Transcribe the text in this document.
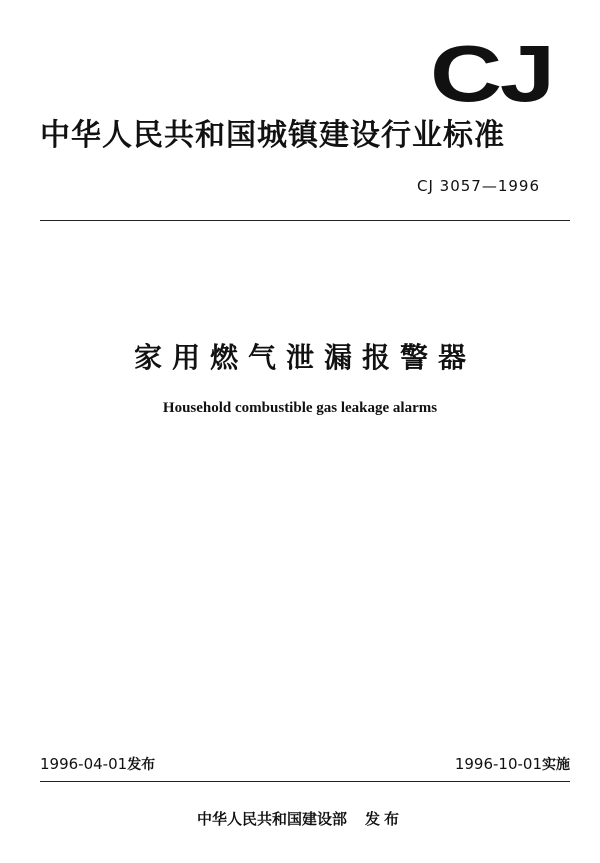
CJ
中华人民共和国城镇建设行业标准
CJ 3057—1996
家用燃气泄漏报警器
Household combustible gas leakage alarms
1996-04-01发布	1996-10-01实施
中华人民共和国建设部 发布
